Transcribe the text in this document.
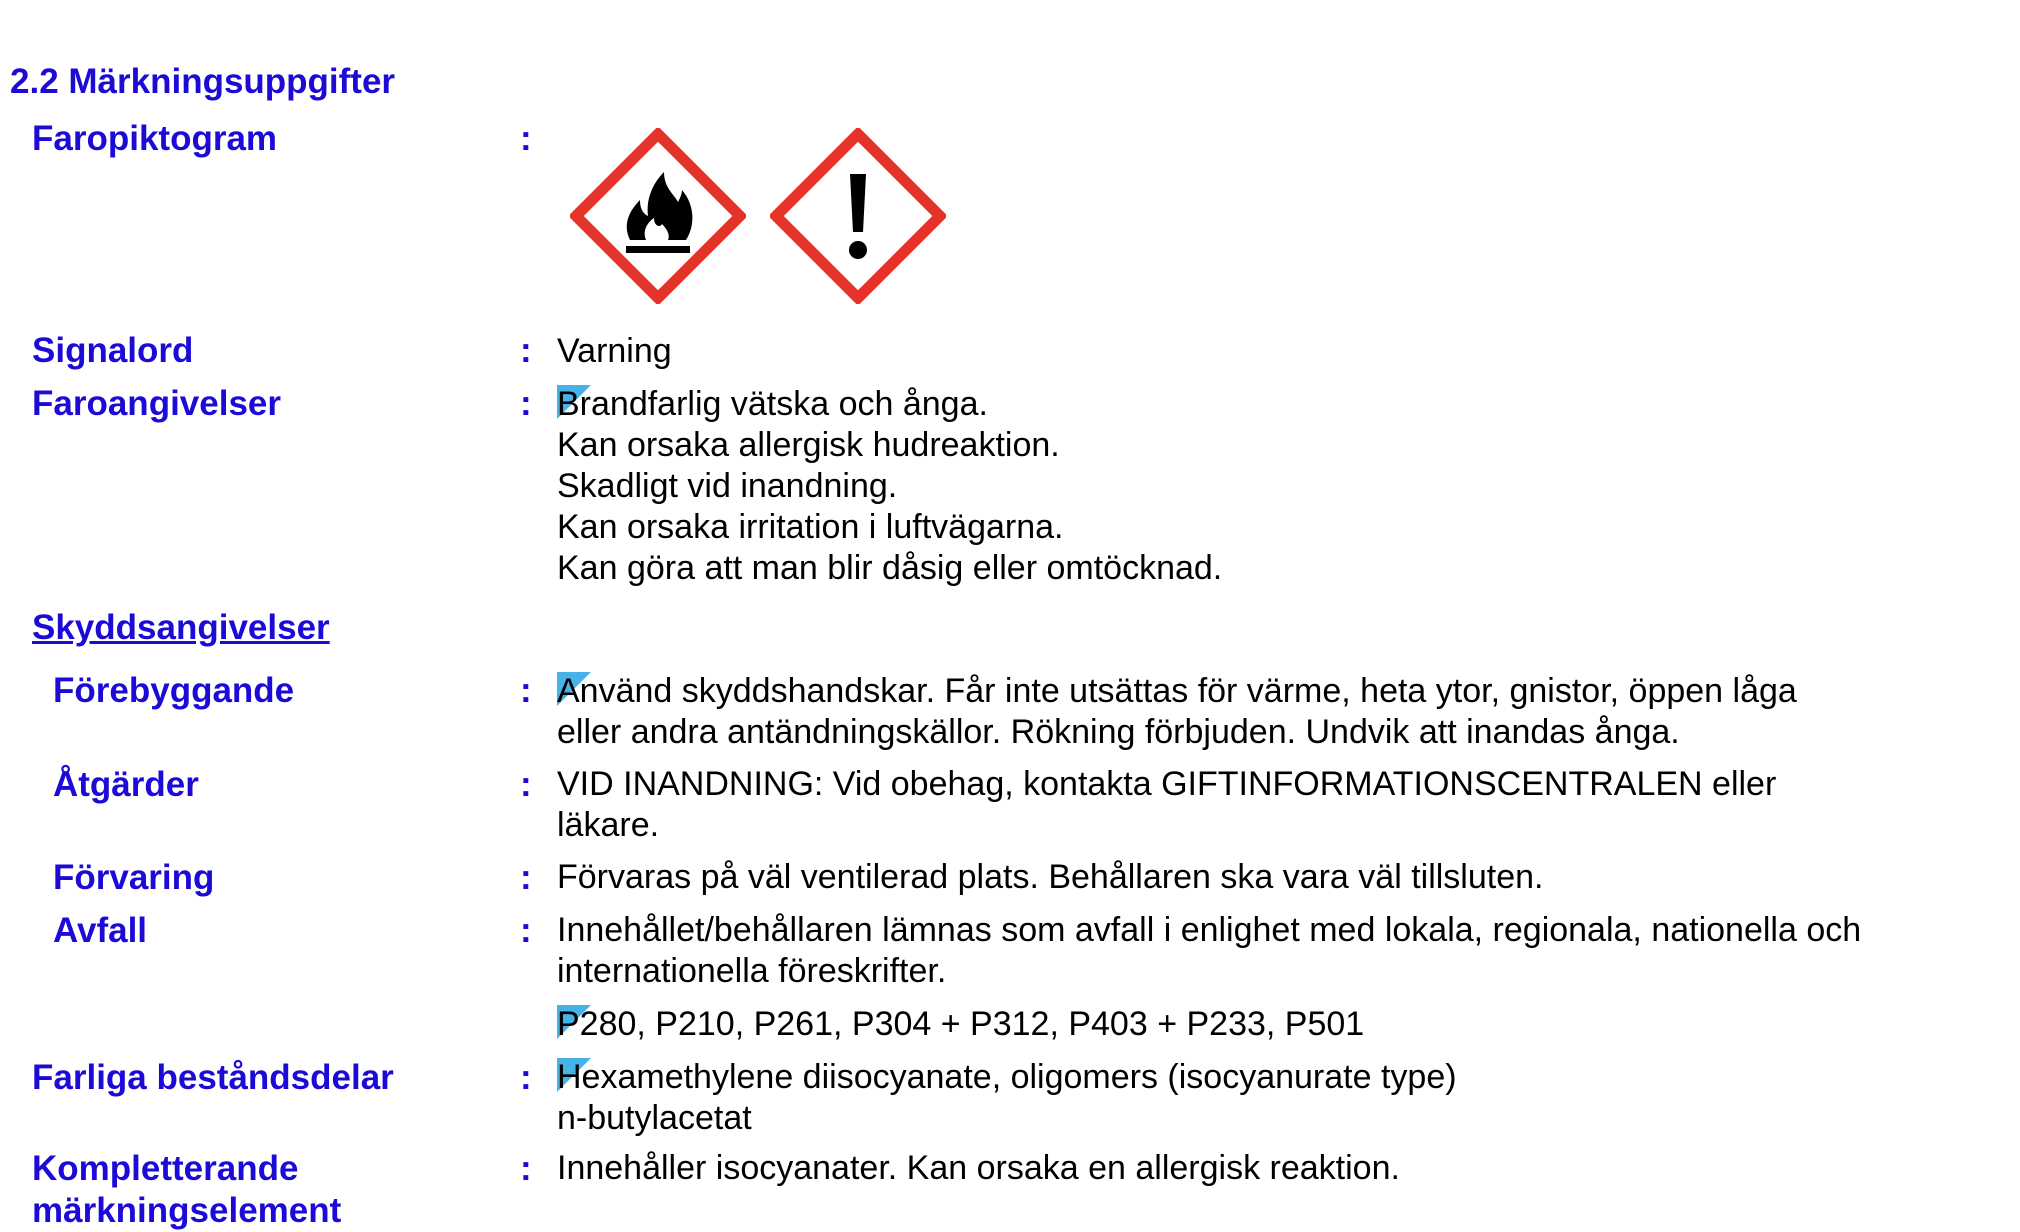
2.2 Märkningsuppgifter
Faropiktogram	:
Signalord	: Varning
Faroangivelser	: Brandfarlig vätska och ånga.
Kan orsaka allergisk hudreaktion.
Skadligt vid inandning.
Kan orsaka irritation i luftvägarna.
Kan göra att man blir dåsig eller omtöcknad.
Skyddsangivelser
Förebyggande	: Använd skyddshandskar. Får inte utsättas för värme, heta ytor, gnistor, öppen låga
eller andra antändningskällor. Rökning förbjuden. Undvik att inandas ånga.
Åtgärder	: VID INANDNING: Vid obehag, kontakta GIFTINFORMATIONSCENTRALEN eller
läkare.
Förvaring	: Förvaras på väl ventilerad plats. Behållaren ska vara väl tillsluten.
Avfall	: Innehållet/behållaren lämnas som avfall i enlighet med lokala, regionala, nationella och
internationella föreskrifter.
P280, P210, P261, P304 + P312, P403 + P233, P501
Farliga beståndsdelar	: Hexamethylene diisocyanate, oligomers (isocyanurate type)
n-butylacetat
Kompletterande
märkningselement
: Innehåller isocyanater. Kan orsaka en allergisk reaktion.
